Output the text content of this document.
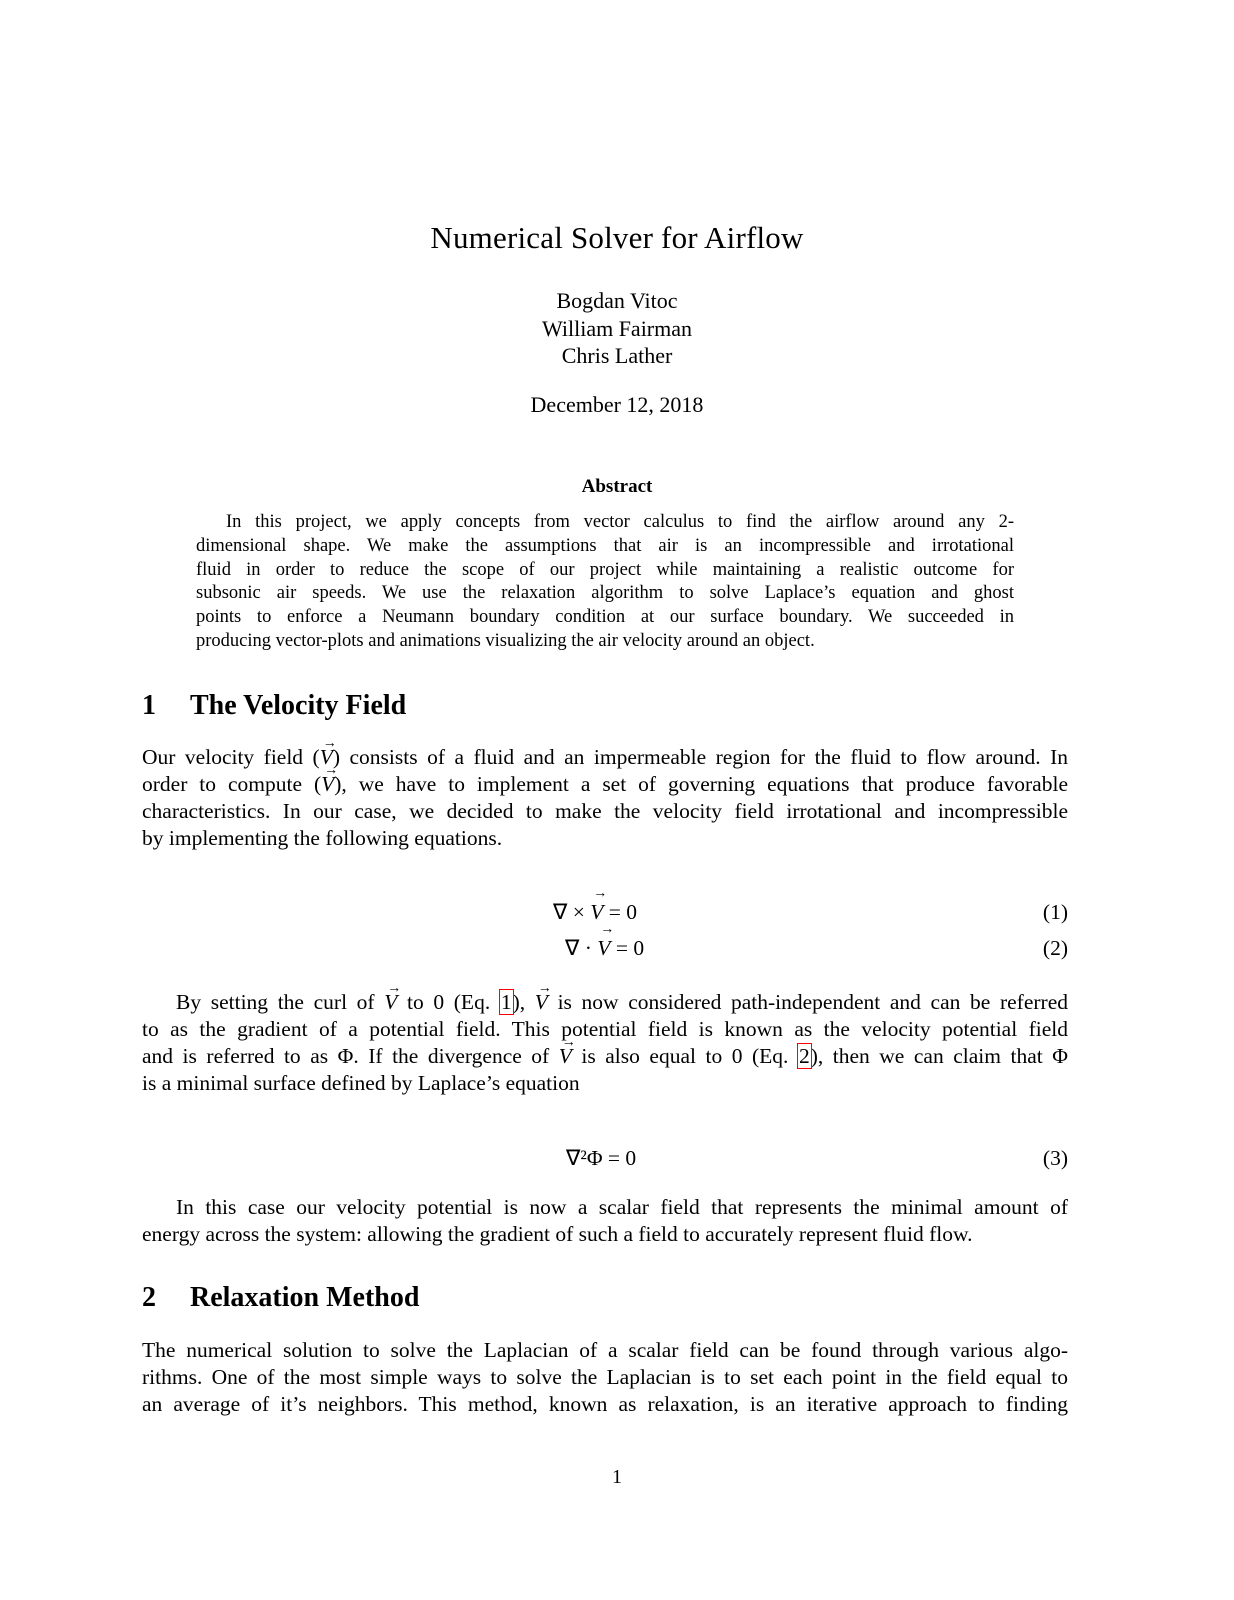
Numerical Solver for Airflow
Bogdan Vitoc
William Fairman
Chris Lather
December 12, 2018
Abstract
In this project, we apply concepts from vector calculus to find the airflow around any 2-
dimensional shape. We make the assumptions that air is an incompressible and irrotational
fluid in order to reduce the scope of our project while maintaining a realistic outcome for
subsonic air speeds. We use the relaxation algorithm to solve Laplace’s equation and ghost
points to enforce a Neumann boundary condition at our surface boundary. We succeeded in
producing vector-plots and animations visualizing the air velocity around an object.
1 The Velocity Field
Our velocity field (→ V) consists of a fluid and an impermeable region for the fluid to flow around. In
order to compute (→ V), we have to implement a set of governing equations that produce favorable
characteristics. In our case, we decided to make the velocity field irrotational and incompressible
by implementing the following equations.
∇ × → V = 0	(1)
∇ · → V = 0	(2)
By setting the curl of → V to 0 (Eq. 1), → V is now considered path-independent and can be referred
to as the gradient of a potential field. This potential field is known as the velocity potential field
and is referred to as Φ. If the divergence of → V is also equal to 0 (Eq. 2), then we can claim that Φ
is a minimal surface defined by Laplace’s equation
∇²Φ = 0	(3)
In this case our velocity potential is now a scalar field that represents the minimal amount of
energy across the system: allowing the gradient of such a field to accurately represent fluid flow.
2 Relaxation Method
The numerical solution to solve the Laplacian of a scalar field can be found through various algo-
rithms. One of the most simple ways to solve the Laplacian is to set each point in the field equal to
an average of it’s neighbors. This method, known as relaxation, is an iterative approach to finding
1
